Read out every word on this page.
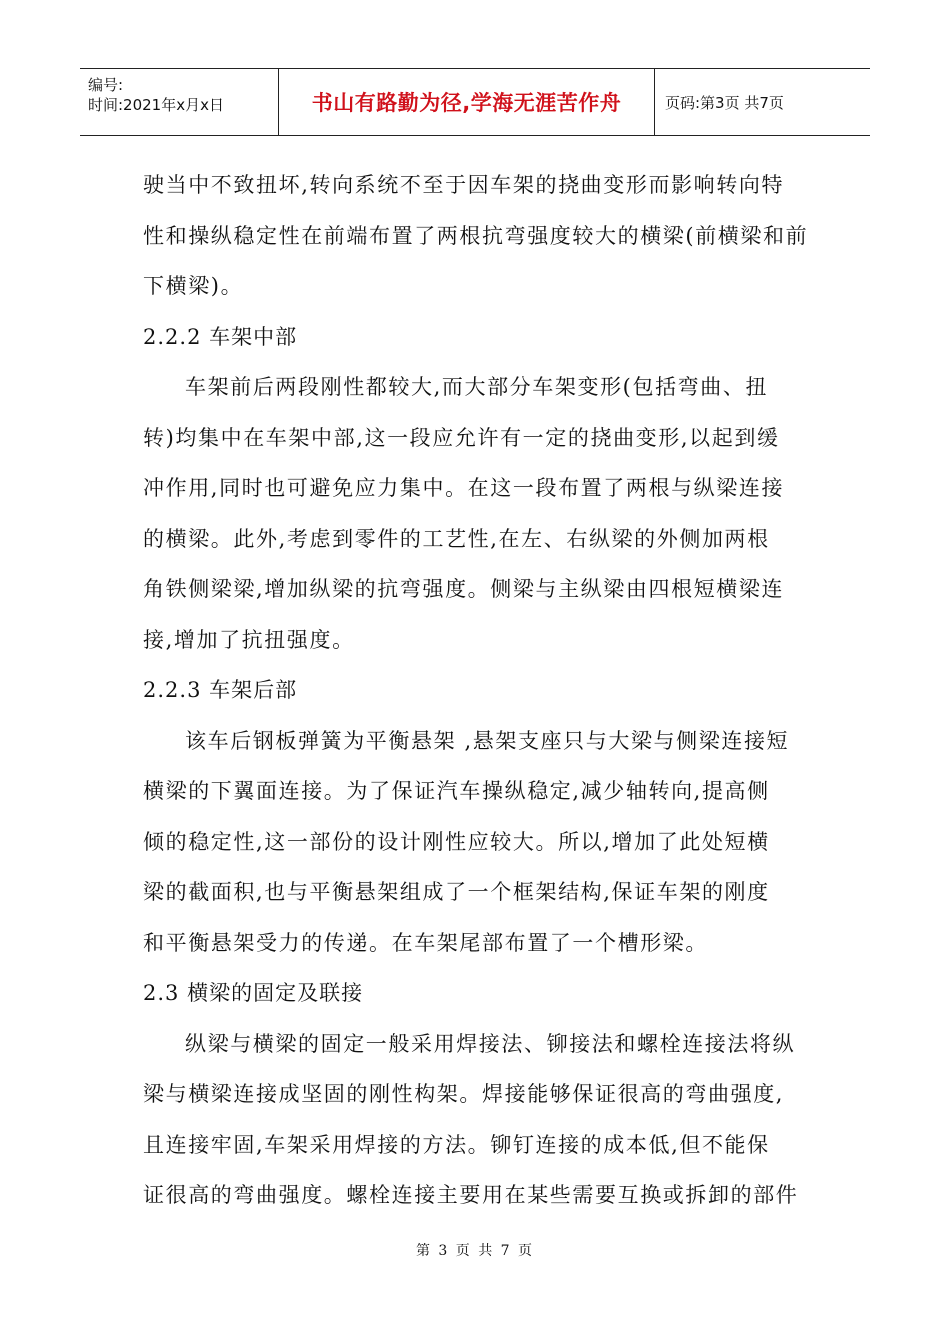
编号:
时间:2021年x月x日	书山有路勤为径,学海无涯苦作舟	页码:第3页 共7页
驶当中不致扭坏,转向系统不至于因车架的挠曲变形而影响转向特
性和操纵稳定性在前端布置了两根抗弯强度较大的横梁(前横梁和前
下横梁)。
2.2.2 车架中部
车架前后两段刚性都较大,而大部分车架变形(包括弯曲、扭
转)均集中在车架中部,这一段应允许有一定的挠曲变形,以起到缓
冲作用,同时也可避免应力集中。在这一段布置了两根与纵梁连接
的横梁。此外,考虑到零件的工艺性,在左、右纵梁的外侧加两根
角铁侧梁梁,增加纵梁的抗弯强度。侧梁与主纵梁由四根短横梁连
接,增加了抗扭强度。
2.2.3 车架后部
该车后钢板弹簧为平衡悬架 ,悬架支座只与大梁与侧梁连接短
横梁的下翼面连接。为了保证汽车操纵稳定,减少轴转向,提高侧
倾的稳定性,这一部份的设计刚性应较大。所以,增加了此处短横
梁的截面积,也与平衡悬架组成了一个框架结构,保证车架的刚度
和平衡悬架受力的传递。在车架尾部布置了一个槽形梁。
2.3 横梁的固定及联接
纵梁与横梁的固定一般采用焊接法、铆接法和螺栓连接法将纵
梁与横梁连接成坚固的刚性构架。焊接能够保证很高的弯曲强度,
且连接牢固,车架采用焊接的方法。铆钉连接的成本低,但不能保
证很高的弯曲强度。螺栓连接主要用在某些需要互换或拆卸的部件
第 3 页 共 7 页
